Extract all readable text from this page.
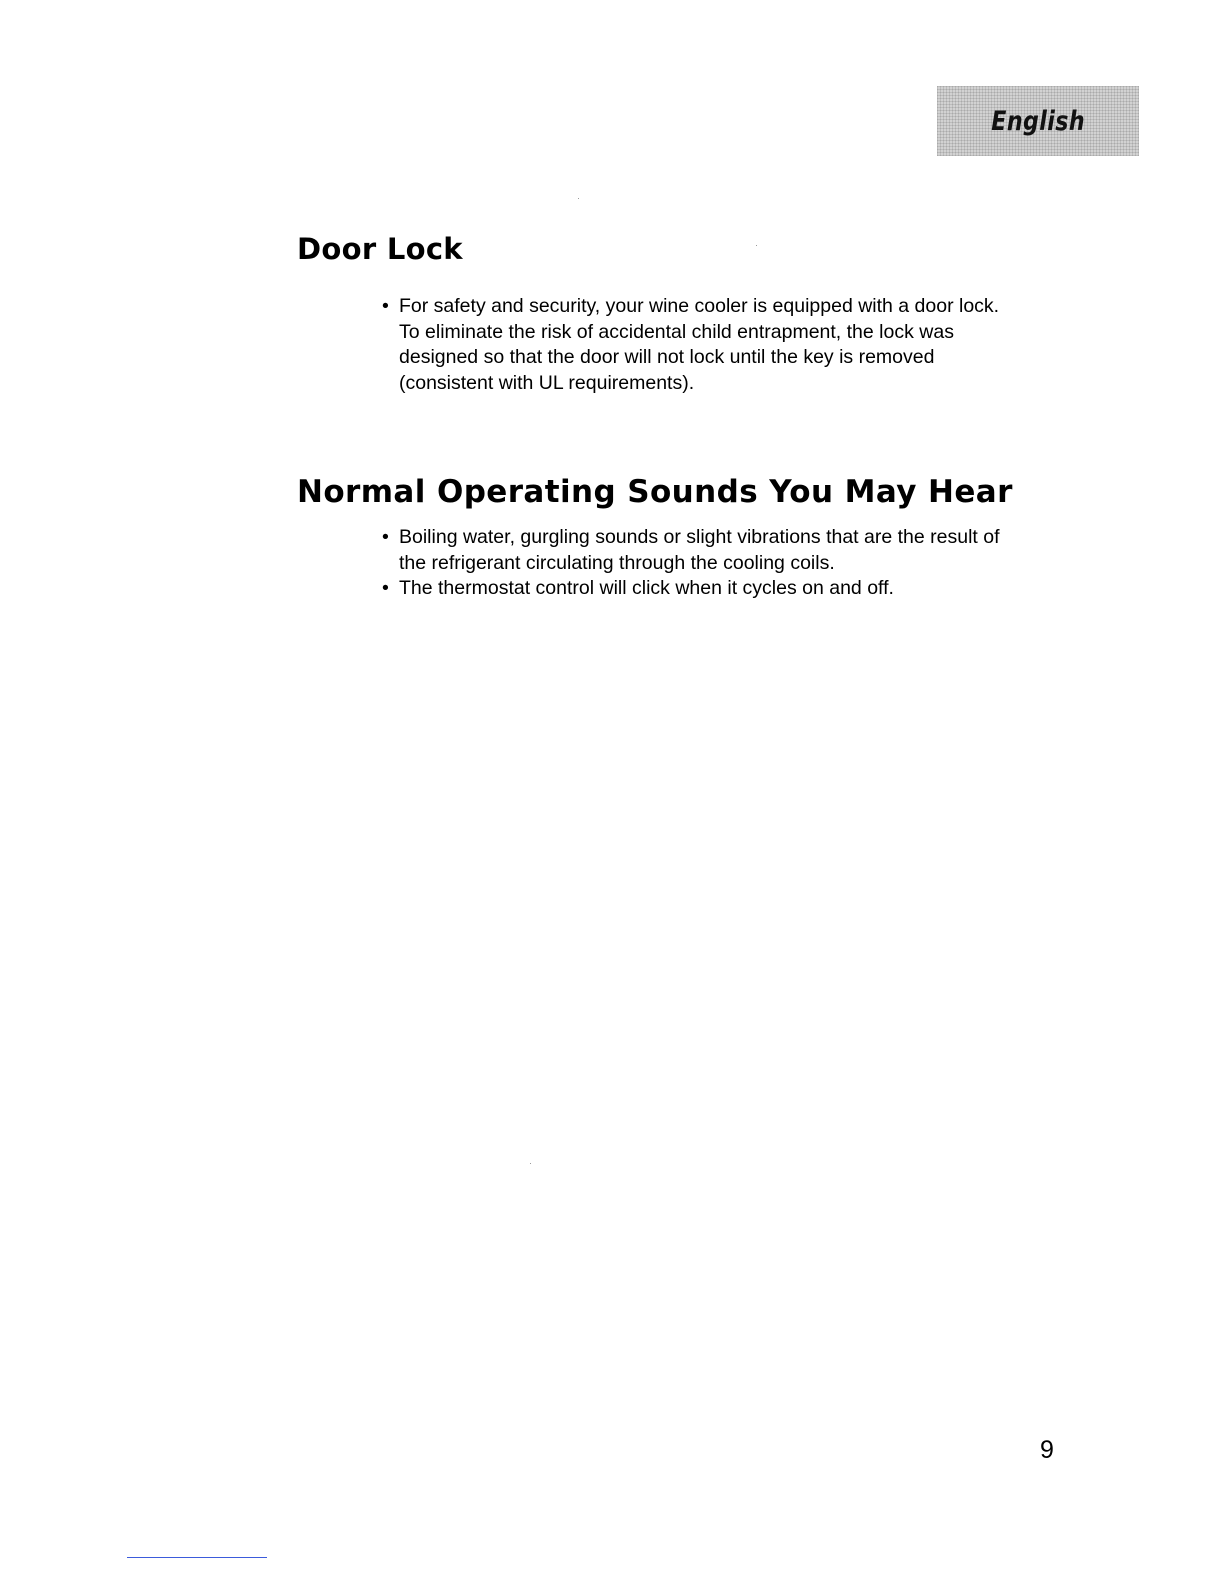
English
Door Lock
• For safety and security, your wine cooler is equipped with a door lock.
To eliminate the risk of accidental child entrapment, the lock was
designed so that the door will not lock until the key is removed
(consistent with UL requirements).
Normal Operating Sounds You May Hear
• Boiling water, gurgling sounds or slight vibrations that are the result of
the refrigerant circulating through the cooling coils.
• The thermostat control will click when it cycles on and off.
9
